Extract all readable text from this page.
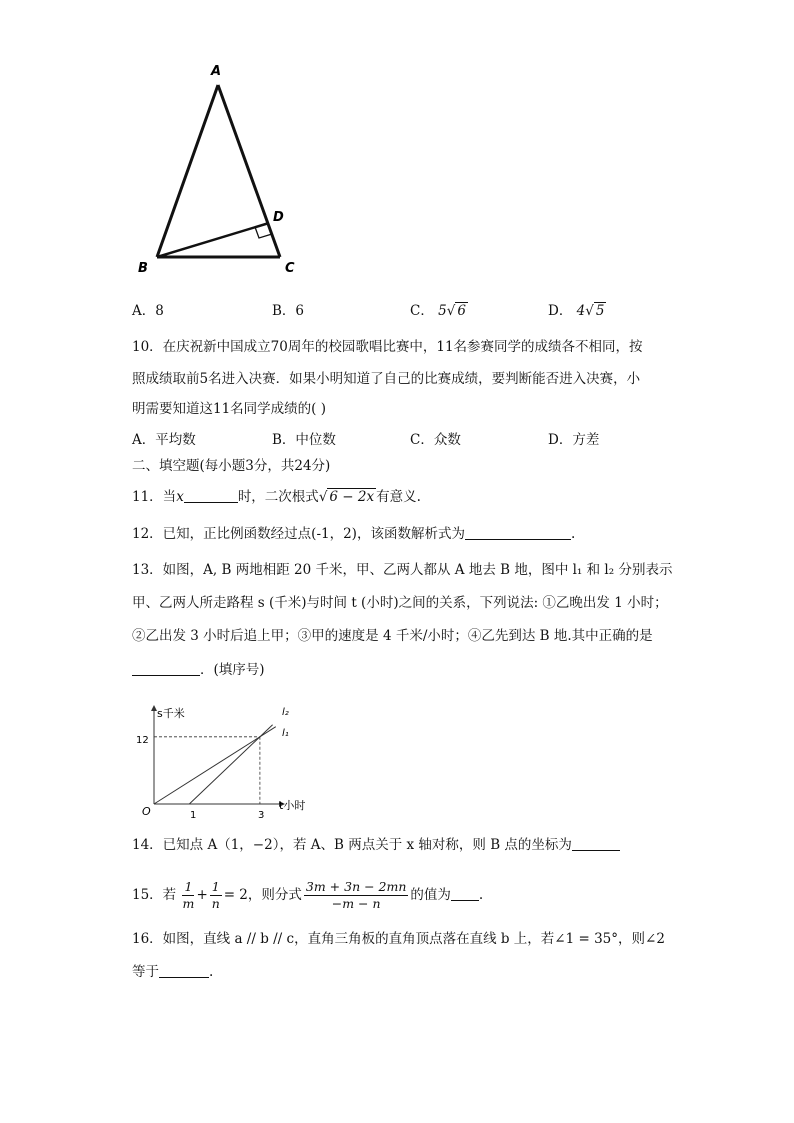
A
B	C
D
A．8	B．6	C． 5√ 6	D． 4√ 5
10．在庆祝新中国成立70周年的校园歌唱比赛中，11名参赛同学的成绩各不相同，按
照成绩取前5名进入决赛．如果小明知道了自己的比赛成绩，要判断能否进入决赛，小
明需要知道这11名同学成绩的( )
A．平均数	B．中位数	C．众数	D．方差
二、填空题(每小题3分，共24分)
11．当x	时，二次根式√ 6 − 2x 有意义.
12．已知，正比例函数经过点(-1，2)，该函数解析式为	.
13．如图，A, B 两地相距 20 千米，甲、乙两人都从 A 地去 B 地，图中 l₁ 和 l₂ 分别表示
甲、乙两人所走路程 s (千米)与时间 t (小时)之间的关系，下列说法: ①乙晚出发 1 小时；
②乙出发 3 小时后追上甲；③甲的速度是 4 千米/小时；④乙先到达 B 地.其中正确的是
．(填序号)
s千米
t小时
O
12
1	3
l₁
l₂
14．已知点 A（1，−2），若 A、B 两点关于 x 轴对称，则 B 点的坐标为
15．若 $\frac{1}{m} + \frac{1}{n} = 2$，则分式 $\frac{3m + 3n - 2mn}{-m - n}$ 的值为 .
16．如图，直线 a // b // c，直角三角板的直角顶点落在直线 b 上，若∠1 = 35°，则∠2
等于	.
